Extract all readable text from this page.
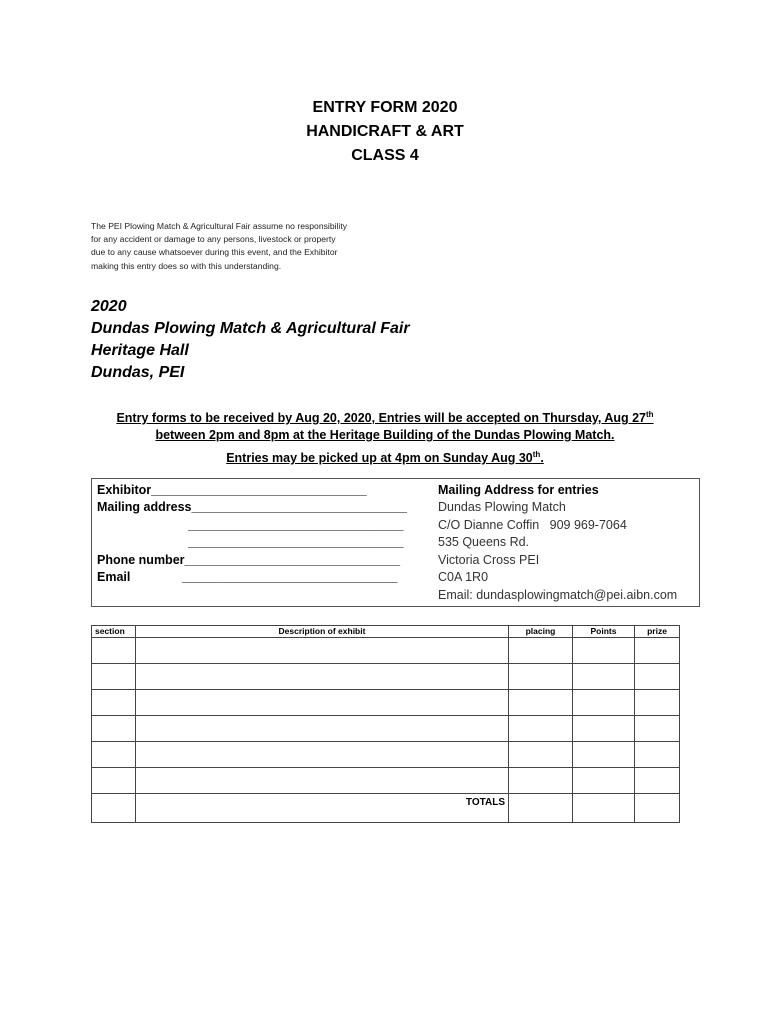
ENTRY FORM 2020
HANDICRAFT & ART
CLASS 4
The PEI Plowing Match & Agricultural Fair assume no responsibility for any accident or damage to any persons, livestock or property due to any cause whatsoever during this event, and the Exhibitor making this entry does so with this understanding.
2020
Dundas Plowing Match & Agricultural Fair
Heritage Hall
Dundas, PEI
Entry forms to be received by Aug 20, 2020, Entries will be accepted on Thursday, Aug 27th
between 2pm and 8pm at the Heritage Building of the Dundas Plowing Match.
Entries may be picked up at 4pm on Sunday Aug 30th.
Exhibitor_______________________________
Mailing address_______________________________
_______________________________
_______________________________
Phone number_______________________________
Email	_______________________________
Mailing Address for entries
Dundas Plowing Match
C/O Dianne Coffin   909 969-7064
535 Queens Rd.
Victoria Cross PEI
C0A 1R0
Email: dundasplowingmatch@pei.aibn.com
section	Description of exhibit	placing	Points	prize

	TOTALS			
